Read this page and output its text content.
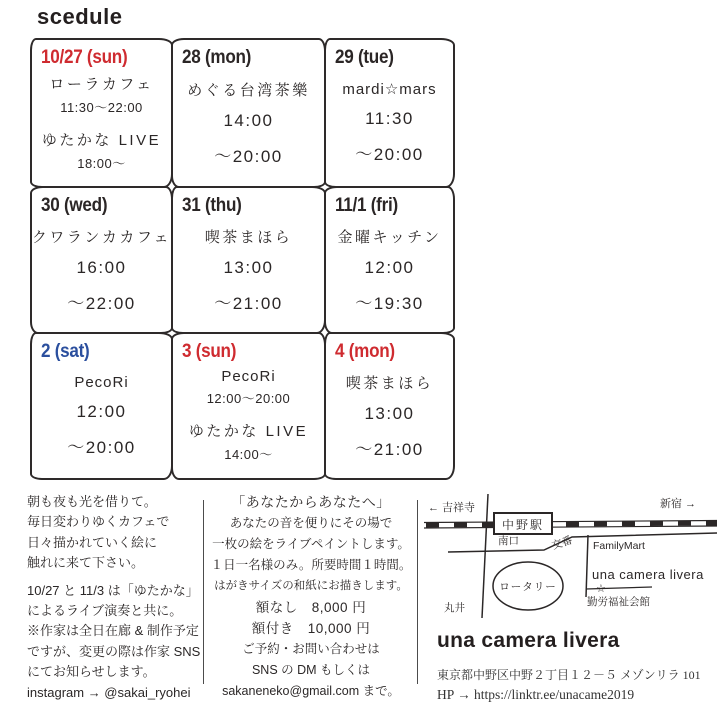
scedule
10/27 (sun)
ローラカフェ
11:30〜22:00
ゆたかな LIVE
18:00〜
28 (mon)
めぐる台湾茶樂
14:00
〜20:00
29 (tue)
mardi☆mars
11:30
〜20:00
30 (wed)
クワランカカフェ
16:00
〜22:00
31 (thu)
喫茶まほら
13:00
〜21:00
11/1 (fri)
金曜キッチン
12:00
〜19:30
2 (sat)
PecoRi
12:00
〜20:00
3 (sun)
PecoRi
12:00〜20:00
ゆたかな LIVE
14:00〜
4 (mon)
喫茶まほら
13:00
〜21:00

朝も夜も光を借りて。

毎日変わりゆくカフェで

日々描かれていく絵に

触れに来て下さい。

10/27 と 11/3 は「ゆたかな」

によるライブ演奏と共に。

※作家は全日在廊 & 制作予定

ですが、変更の際は作家 SNS

にてお知らせします。

instagram → @sakai_ryohei

「あなたからあなたへ」
あなたの音を便りにその場で
一枚の絵をライブペイントします。
１日一名様のみ。所要時間１時間。
はがきサイズの和紙にお描きします。
額なし　8,000 円
額付き　10,000 円
ご予約・お問い合わせは
SNS の DM もしくは
sakaneneko@gmail.com まで。
中野駅
← 吉祥寺	新宿 →
南口	交番 FamilyMart
una camera livera
☆
勤労福祉会館
ロータリー
丸井
una camera livera
東京都中野区中野２丁目１２－５ メゾンリラ 101
HP → https://linktr.ee/unacame2019
